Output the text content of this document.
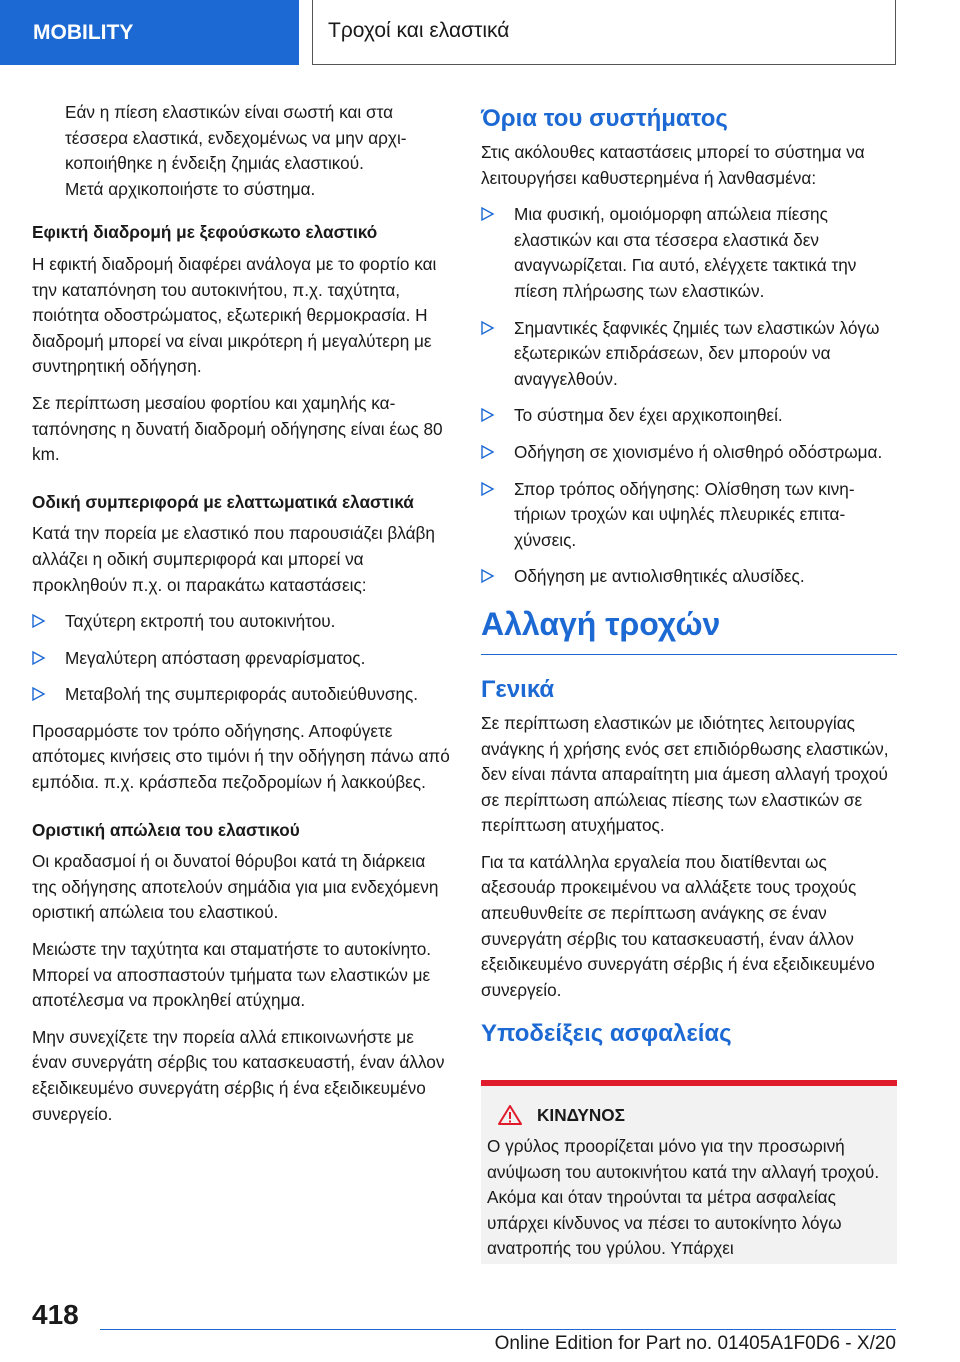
MOBILITY	Τροχοί και ελαστικά

Εάν η πίεση ελαστικών είναι σωστή και στα τέσσερα ελαστικά, ενδεχομένως να μην αρχικοποιήθηκε η ένδειξη ζημιάς ελαστικού.

Μετά αρχικοποιήστε το σύστημα.

Εφικτή διαδρομή με ξεφούσκωτο ελαστικό

Η εφικτή διαδρομή διαφέρει ανάλογα με το φορτίο και την καταπόνηση του αυτοκινήτου, π.χ. ταχύτητα, ποιότητα οδοστρώματος, εξωτερική θερμοκρασία. Η διαδρομή μπορεί να είναι μικρότερη ή μεγαλύτερη με συντηρητική οδήγηση.

Σε περίπτωση μεσαίου φορτίου και χαμηλής καταπόνησης η δυνατή διαδρομή οδήγησης είναι έως 80 km.

Οδική συμπεριφορά με ελαττωματικά ελαστικά

Κατά την πορεία με ελαστικό που παρουσιάζει βλάβη αλλάζει η οδική συμπεριφορά και μπορεί να προκληθούν π.χ. οι παρακάτω καταστάσεις:

Ταχύτερη εκτροπή του αυτοκινήτου.
Μεγαλύτερη απόσταση φρεναρίσματος.
Μεταβολή της συμπεριφοράς αυτοδιεύθυνσης.

Προσαρμόστε τον τρόπο οδήγησης. Αποφύγετε απότομες κινήσεις στο τιμόνι ή την οδήγηση πάνω από εμπόδια. π.χ. κράσπεδα πεζοδρομίων ή λακκούβες.

Οριστική απώλεια του ελαστικού

Οι κραδασμοί ή οι δυνατοί θόρυβοι κατά τη διάρκεια της οδήγησης αποτελούν σημάδια για μια ενδεχόμενη οριστική απώλεια του ελαστικού.

Μειώστε την ταχύτητα και σταματήστε το αυτοκίνητο. Μπορεί να αποσπαστούν τμήματα των ελαστικών με αποτέλεσμα να προκληθεί ατύχημα.

Μην συνεχίζετε την πορεία αλλά επικοινωνήστε με έναν συνεργάτη σέρβις του κατασκευαστή, έναν άλλον εξειδικευμένο συνεργάτη σέρβις ή ένα εξειδικευμένο συνεργείο.

Όρια του συστήματος

Στις ακόλουθες καταστάσεις μπορεί το σύστημα να λειτουργήσει καθυστερημένα ή λανθασμένα:

Μια φυσική, ομοιόμορφη απώλεια πίεσης ελαστικών και στα τέσσερα ελαστικά δεν αναγνωρίζεται. Για αυτό, ελέγχετε τακτικά την πίεση πλήρωσης των ελαστικών.
Σημαντικές ξαφνικές ζημιές των ελαστικών λόγω εξωτερικών επιδράσεων, δεν μπορούν να αναγγελθούν.
Το σύστημα δεν έχει αρχικοποιηθεί.
Οδήγηση σε χιονισμένο ή ολισθηρό οδόστρωμα.
Σπορ τρόπος οδήγησης: Ολίσθηση των κινητήριων τροχών και υψηλές πλευρικές επιταχύνσεις.
Οδήγηση με αντιολισθητικές αλυσίδες.
Αλλαγή τροχών
Γενικά

Σε περίπτωση ελαστικών με ιδιότητες λειτουργίας ανάγκης ή χρήσης ενός σετ επιδιόρθωσης ελαστικών, δεν είναι πάντα απαραίτητη μια άμεση αλλαγή τροχού σε περίπτωση απώλειας πίεσης των ελαστικών σε περίπτωση ατυχήματος.

Για τα κατάλληλα εργαλεία που διατίθενται ως αξεσουάρ προκειμένου να αλλάξετε τους τροχούς απευθυνθείτε σε περίπτωση ανάγκης σε έναν συνεργάτη σέρβις του κατασκευαστή, έναν άλλον εξειδικευμένο συνεργάτη σέρβις ή ένα εξειδικευμένο συνεργείο.

Υποδείξεις ασφαλείας
ΚΙΝΔΥΝΟΣ

Ο γρύλος προορίζεται μόνο για την προσωρινή ανύψωση του αυτοκινήτου κατά την αλλαγή τροχού. Ακόμα και όταν τηρούνται τα μέτρα ασφαλείας υπάρχει κίνδυνος να πέσει το αυτοκίνητο λόγω ανατροπής του γρύλου. Υπάρχει

418
Online Edition for Part no. 01405A1F0D6 - X/20
